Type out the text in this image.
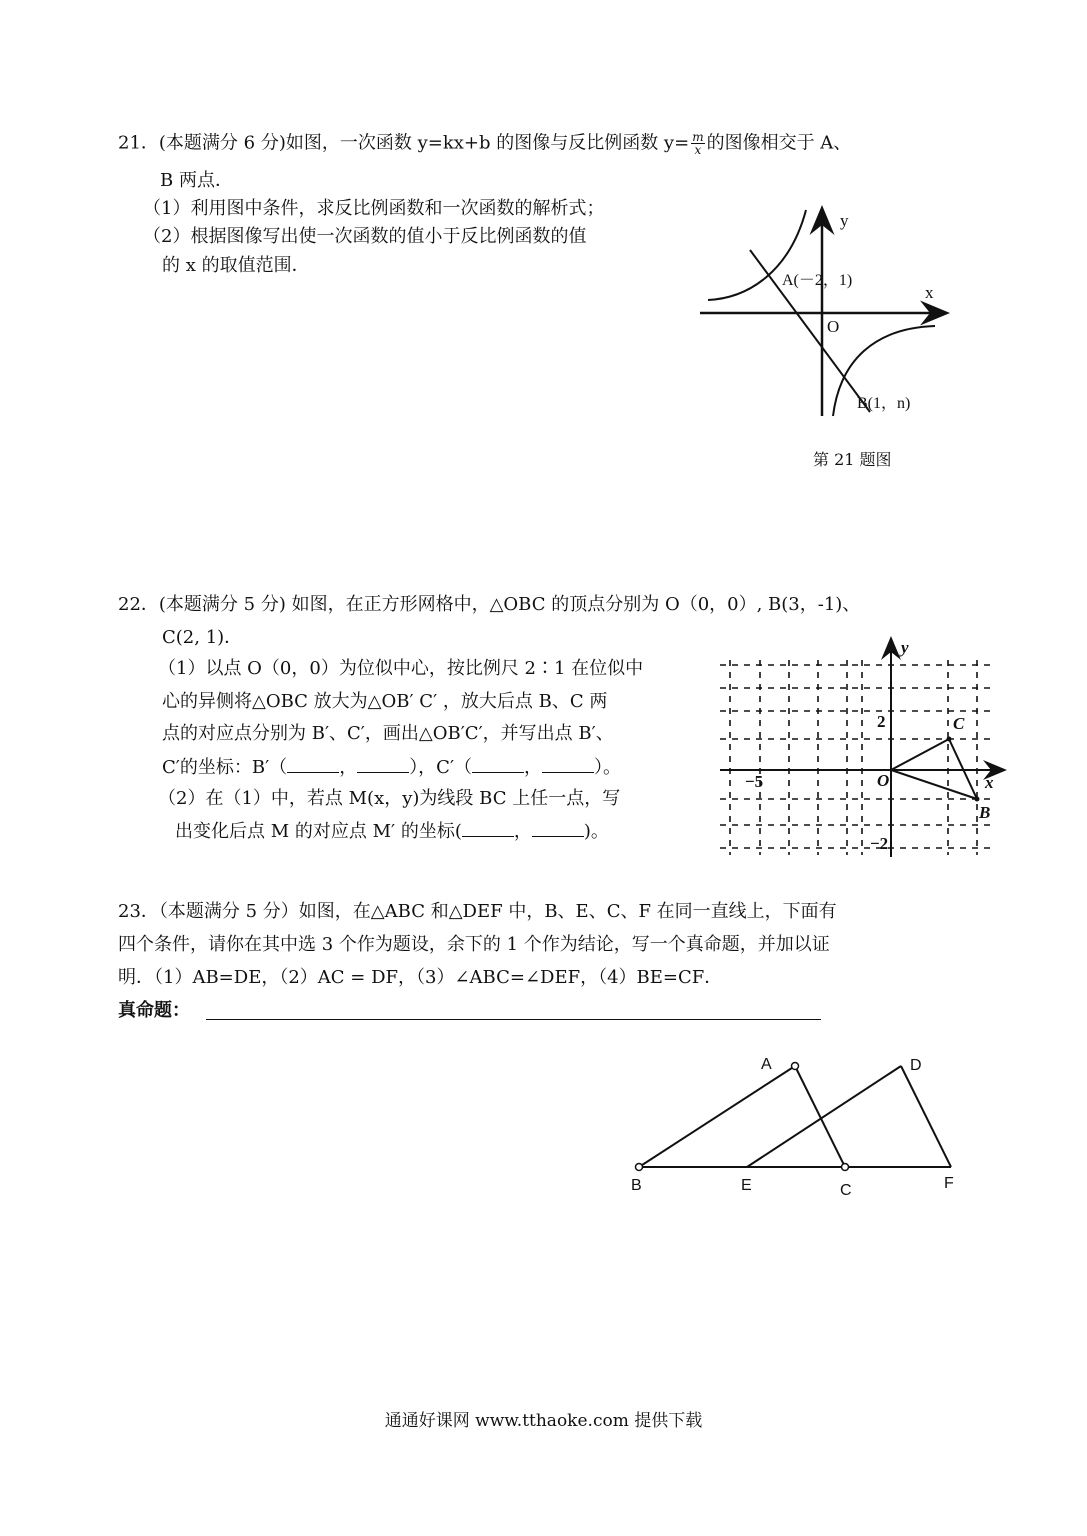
21．(本题满分 6 分)如图，一次函数 y=kx+b 的图像与反比例函数 $y= \frac{m}{x}$ 的图像相交于 A、
B 两点．
（1）利用图中条件，求反比例函数和一次函数的解析式；
（2）根据图像写出使一次函数的值小于反比例函数的值
的 x 的取值范围．
y
x
O
A(－2，1)
B(1，n)
第 21 题图
22．(本题满分 5 分) 如图，在正方形网格中，△OBC 的顶点分别为 O（0，0）, B(3，-1)、
C(2, 1)．
（1）以点 O（0，0）为位似中心，按比例尺 2∶1 在位似中
心的异侧将△OBC 放大为△OB′ C′ ，放大后点 B、C 两
点的对应点分别为 B′、C′，画出△OB′C′，并写出点 B′、
C′的坐标：B′（	，	），C′（	，	）。
（2）在（1）中，若点 M(x，y)为线段 BC 上任一点，写
出变化后点 M 的对应点 M′ 的坐标(	，	)。
y
x
O
2
−5
−2
C
B
23．（本题满分 5 分）如图，在△ABC 和△DEF 中，B、E、C、F 在同一直线上，下面有
四个条件，请你在其中选 3 个作为题设，余下的 1 个作为结论，写一个真命题，并加以证
明．（1）AB=DE，（2）AC = DF，（3）∠ABC=∠DEF，（4）BE=CF．
真命题：
A
B	C
D
E	F
通通好课网 www.tthaoke.com 提供下载
